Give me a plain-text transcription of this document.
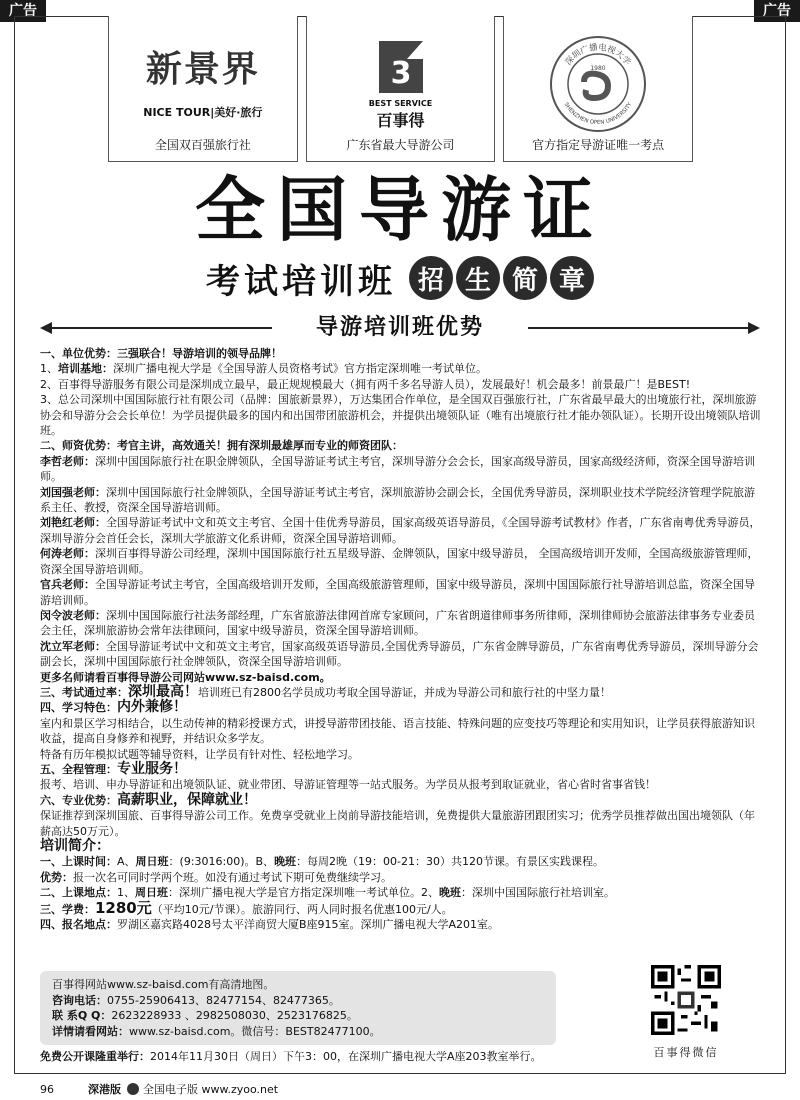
广告	广告
新景界
NICE TOUR|美好·旅行
全国双百强旅行社
3
BEST SERVICE
百事得
广东省最大导游公司
深圳广播电视大学
SHENZHEN OPEN UNIVERSITY
1980
官方指定导游证唯一考点
全国导游证
考试培训班 招 生 简 章
导游培训班优势

一、单位优势：三强联合！导游培训的领导品牌！

1、培训基地：深圳广播电视大学是《全国导游人员资格考试》官方指定深圳唯一考试单位。

2、百事得导游服务有限公司是深圳成立最早，最正规规模最大（拥有两千多名导游人员），发展最好！机会最多！前景最广！是BEST!

3、总公司深圳中国国际旅行社有限公司（品牌：国旅新景界），万达集团合作单位，是全国双百强旅行社，广东省最早最大的出境旅行社，深圳旅游协会和导游分会会长单位！为学员提供最多的国内和出国带团旅游机会，并提供出境领队证（唯有出境旅行社才能办领队证）。长期开设出境领队培训班。

二、师资优势：考官主讲，高效通关！拥有深圳最雄厚而专业的师资团队：

李哲老师：深圳中国国际旅行社在职金牌领队，全国导游证考试主考官，深圳导游分会会长，国家高级导游员，国家高级经济师，资深全国导游培训师。

刘国强老师：深圳中国国际旅行社金牌领队，全国导游证考试主考官，深圳旅游协会副会长，全国优秀导游员，深圳职业技术学院经济管理学院旅游系主任、教授，资深全国导游培训师。

刘艳红老师：全国导游证考试中文和英文主考官、全国十佳优秀导游员，国家高级英语导游员，《全国导游考试教材》作者，广东省南粤优秀导游员，深圳导游分会首任会长，深圳大学旅游文化系讲师，资深全国导游培训师。

何涛老师：深圳百事得导游公司经理，深圳中国国际旅行社五星级导游、金牌领队，国家中级导游员， 全国高级培训开发师，全国高级旅游管理师，资深全国导游培训师。

官兵老师：全国导游证考试主考官，全国高级培训开发师，全国高级旅游管理师，国家中级导游员，深圳中国国际旅行社导游培训总监，资深全国导游培训师。

闵令波老师：深圳中国国际旅行社法务部经理，广东省旅游法律网首席专家顾问，广东省朗道律师事务所律师，深圳律师协会旅游法律事务专业委员会主任，深圳旅游协会常年法律顾问，国家中级导游员，资深全国导游培训师。

沈立军老师：全国导游证考试中文和英文主考官，国家高级英语导游员,全国优秀导游员，广东省金牌导游员，广东省南粤优秀导游员，深圳导游分会副会长，深圳中国国际旅行社金牌领队，资深全国导游培训师。

更多名师请看百事得导游公司网站www.sz-baisd.com。

三、考试通过率：深圳最高！培训班已有2800名学员成功考取全国导游证，并成为导游公司和旅行社的中坚力量！

四、学习特色：内外兼修！

室内和景区学习相结合，以生动传神的精彩授课方式，讲授导游带团技能、语言技能、特殊问题的应变技巧等理论和实用知识，让学员获得旅游知识收益，提高自身修养和视野，并结识众多学友。

特备有历年模拟试题等辅导资料，让学员有针对性、轻松地学习。

五、全程管理：专业服务！

报考、培训、申办导游证和出境领队证、就业带团、导游证管理等一站式服务。为学员从报考到取证就业，省心省时省事省钱！

六、专业优势：高薪职业，保障就业！

保证推荐到深圳国旅、百事得导游公司工作。免费享受就业上岗前导游技能培训，免费提供大量旅游团跟团实习；优秀学员推荐做出国出境领队（年薪高达50万元）。

培训简介：

一、上课时间：A、周日班：(9:3016:00)。B、晚班：每周2晚（19：00-21：30）共120节课。有景区实践课程。

优势：报一次名可同时学两个班。如没有通过考试下期可免费继续学习。

二、上课地点：1、周日班：深圳广播电视大学是官方指定深圳唯一考试单位。2、晚班：深圳中国国际旅行社培训室。

三、学费：1280元（平均10元/节课）。旅游同行、两人同时报名优惠100元/人。

四、报名地点：罗湖区嘉宾路4028号太平洋商贸大厦B座915室。深圳广播电视大学A201室。

百事得网站www.sz-baisd.com有高清地图。
咨询电话：0755-25906413、82477154、82477365。
联 系Q Q：2623228933 、2982508030、2523176825。
详情请看网站：www.sz-baisd.com。微信号：BEST82477100。
百事得微信
免费公开课隆重举行：2014年11月30日（周日）下午3：00，在深圳广播电视大学A座203教室举行。
96	深港版 全国电子版 www.zyoo.net
